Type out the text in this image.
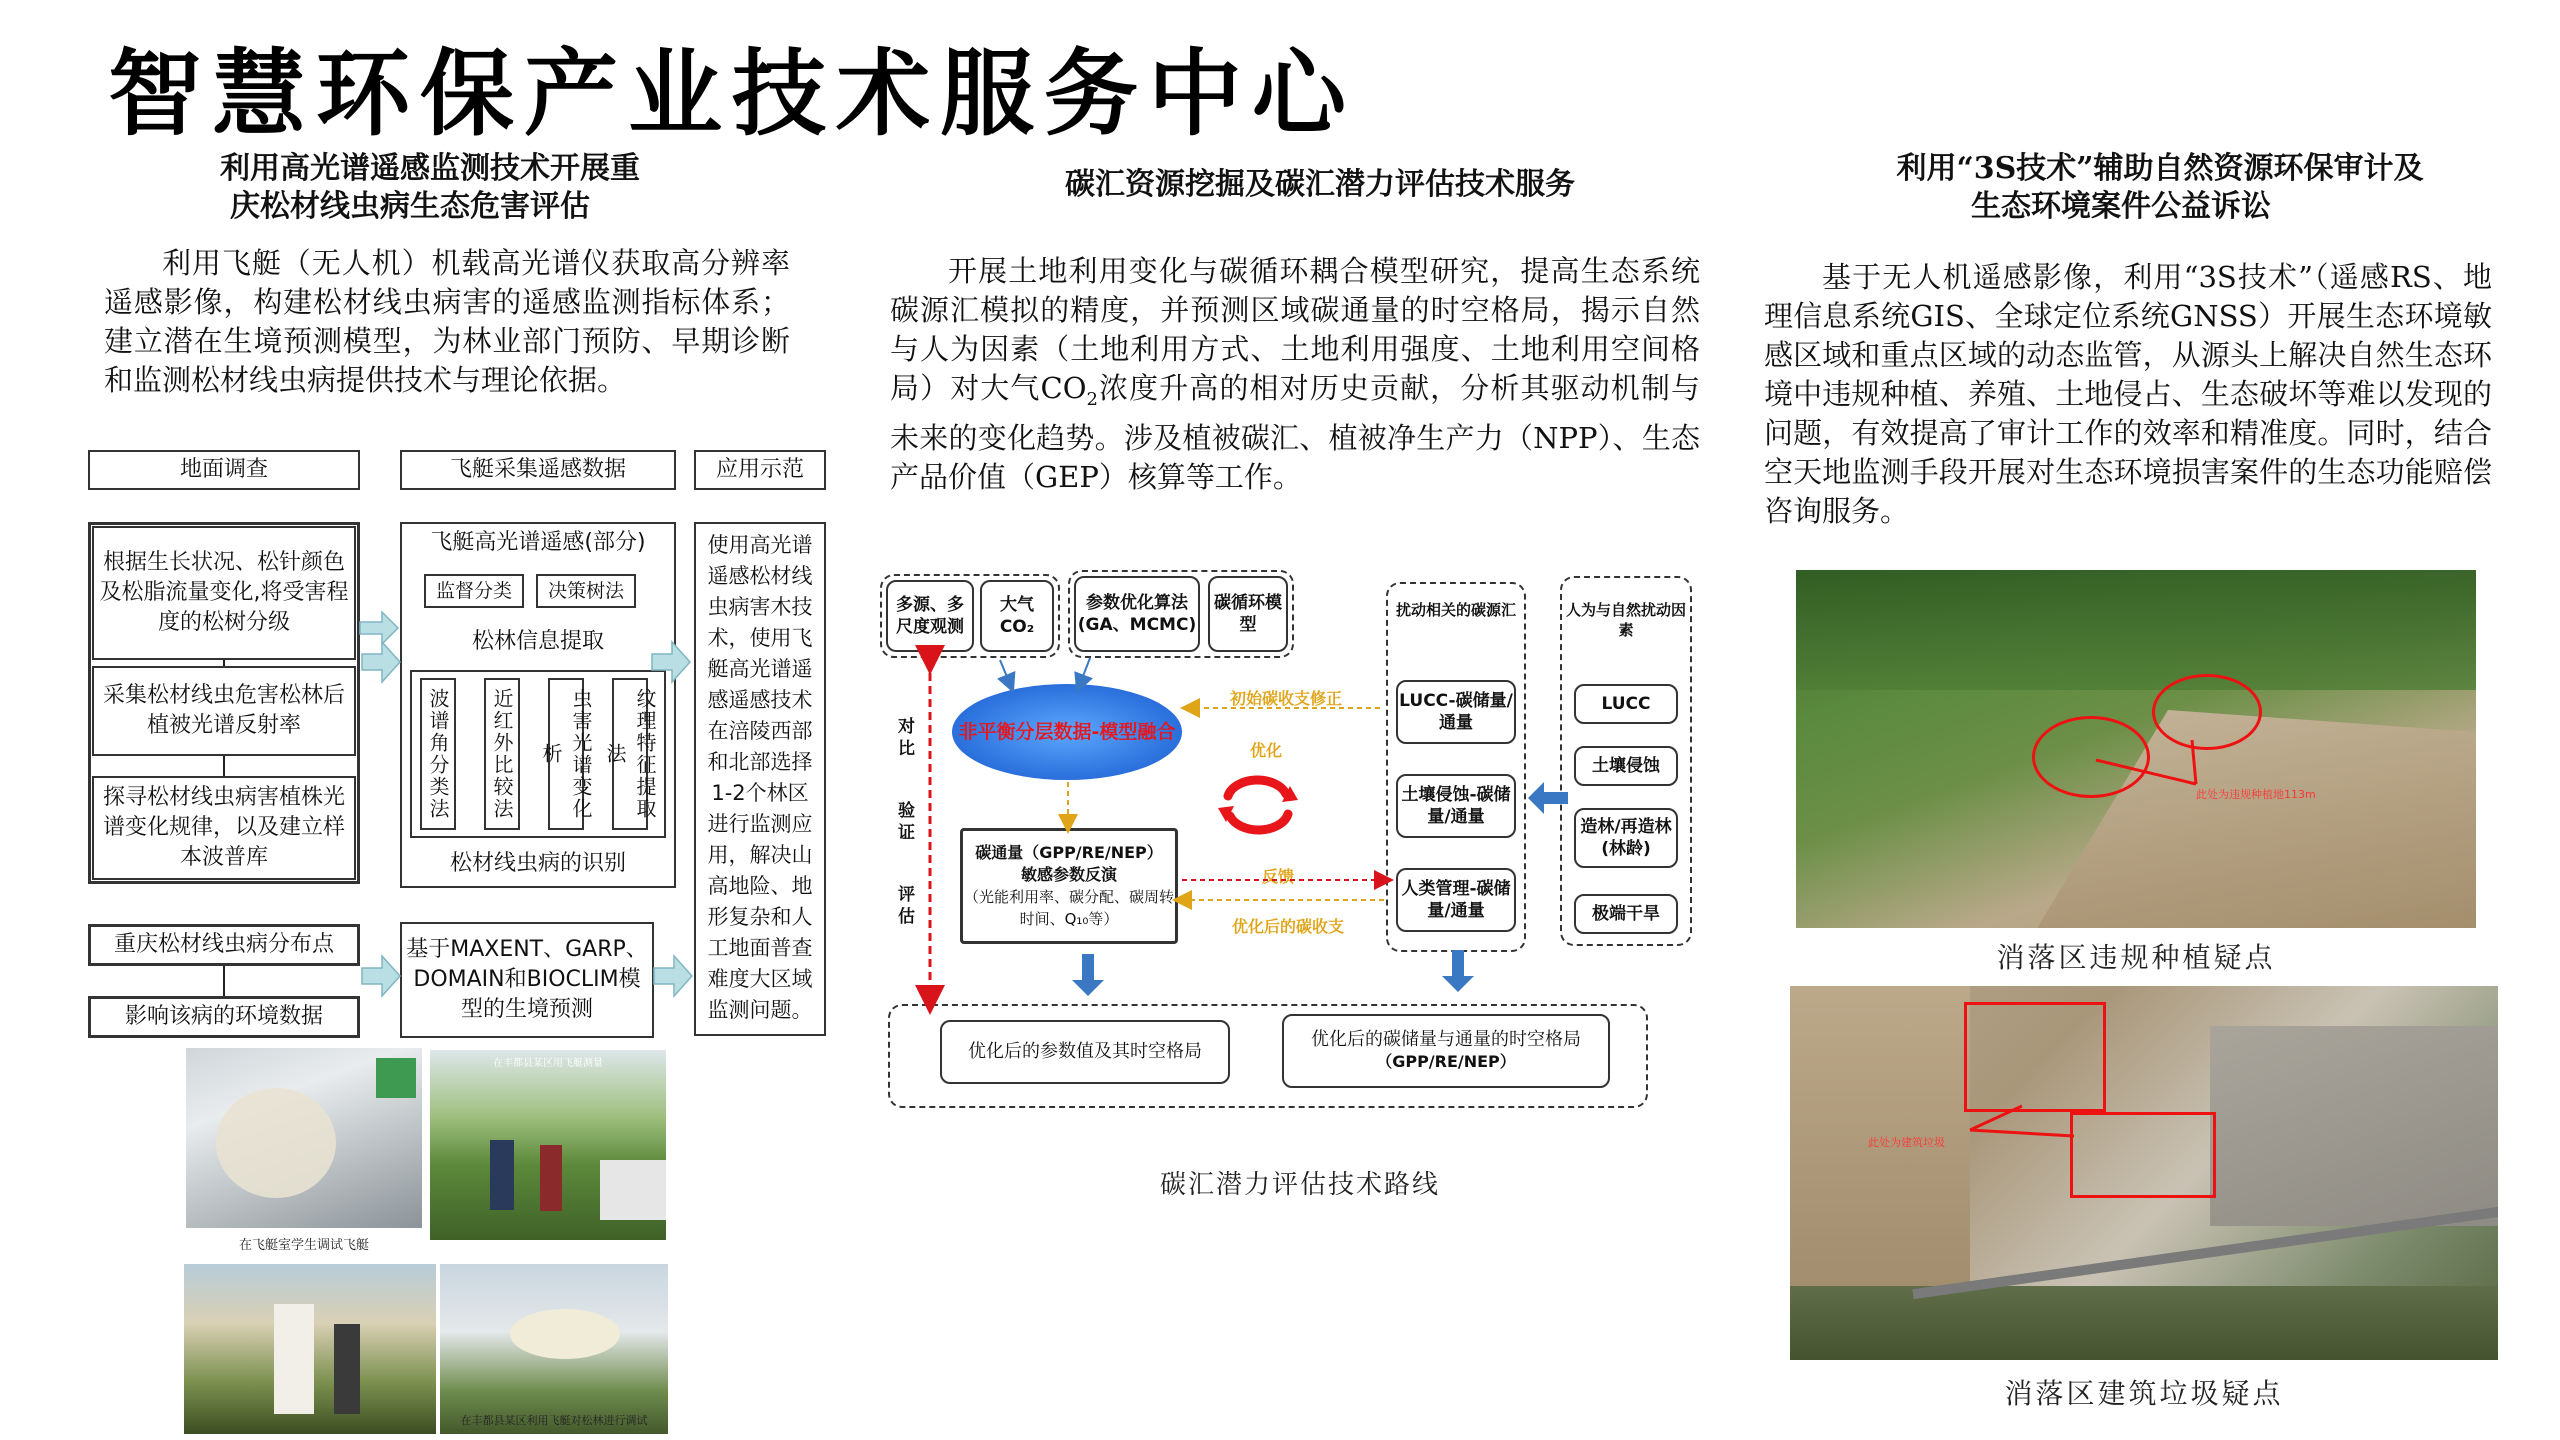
智慧环保产业技术服务中心
利用高光谱遥感监测技术开展重
庆松材线虫病生态危害评估
利用飞艇（无人机）机载高光谱仪获取高分辨率遥感影像，构建松材线虫病害的遥感监测指标体系；建立潜在生境预测模型，为林业部门预防、早期诊断和监测松材线虫病提供技术与理论依据。
地面调查	飞艇采集遥感数据	应用示范
根据生长状况、松针颜色及松脂流量变化,将受害程度的松树分级
采集松材线虫危害松林后植被光谱反射率
探寻松材线虫病害植株光谱变化规律，以及建立样本波普库
飞艇高光谱遥感(部分)
监督分类	决策树法
松林信息提取
波谱角分类法	近红外比较法	虫害光谱变化析	纹理特征提取法
松材线虫病的识别
使用高光谱遥感松材线虫病害木技术，使用飞艇高光谱遥感遥感技术在涪陵西部和北部选择1-2个林区进行监测应用，解决山高地险、地形复杂和人工地面普查难度大区域监测问题。
重庆松材线虫病分布点
影响该病的环境数据
基于MAXENT、GARP、DOMAIN和BIOCLIM模型的生境预测
在飞艇室学生调试飞艇
在丰都县某区用飞艇测量
在丰都县某区利用飞艇对松林进行调试
碳汇资源挖掘及碳汇潜力评估技术服务
开展土地利用变化与碳循环耦合模型研究，提高生态系统碳源汇模拟的精度，并预测区域碳通量的时空格局，揭示自然与人为因素（土地利用方式、土地利用强度、土地利用空间格局）对大气$CO_2$浓度升高的相对历史贡献，分析其驱动机制与未来的变化趋势。涉及植被碳汇、植被净生产力（NPP）、生态产品价值（GEP）核算等工作。
多源、多尺度观测
大气
CO₂
参数优化算法(GA、MCMC)
碳循环模型
非平衡分层数据-模型融合
初始碳收支修正
优化
反馈
优化后的碳收支
对
比
验
证
评
估
碳通量（GPP/RE/NEP）
敏感参数反演
（光能利用率、碳分配、碳周转时间、Q₁₀等）
扰动相关的碳源汇
LUCC-碳储量/通量
土壤侵蚀-碳储量/通量
人类管理-碳储量/通量
人为与自然扰动因素
LUCC
土壤侵蚀
造林/再造林(林龄)
极端干旱
优化后的参数值及其时空格局
优化后的碳储量与通量的时空格局
（GPP/RE/NEP）
碳汇潜力评估技术路线
利用“3S技术”辅助自然资源环保审计及
生态环境案件公益诉讼
基于无人机遥感影像，利用“3S技术”（遥感RS、地理信息系统GIS、全球定位系统GNSS）开展生态环境敏感区域和重点区域的动态监管，从源头上解决自然生态环境中违规种植、养殖、土地侵占、生态破坏等难以发现的问题，有效提高了审计工作的效率和精准度。同时，结合空天地监测手段开展对生态环境损害案件的生态功能赔偿咨询服务。
此处为违规种植地113m
消落区违规种植疑点
此处为建筑垃圾
消落区建筑垃圾疑点
